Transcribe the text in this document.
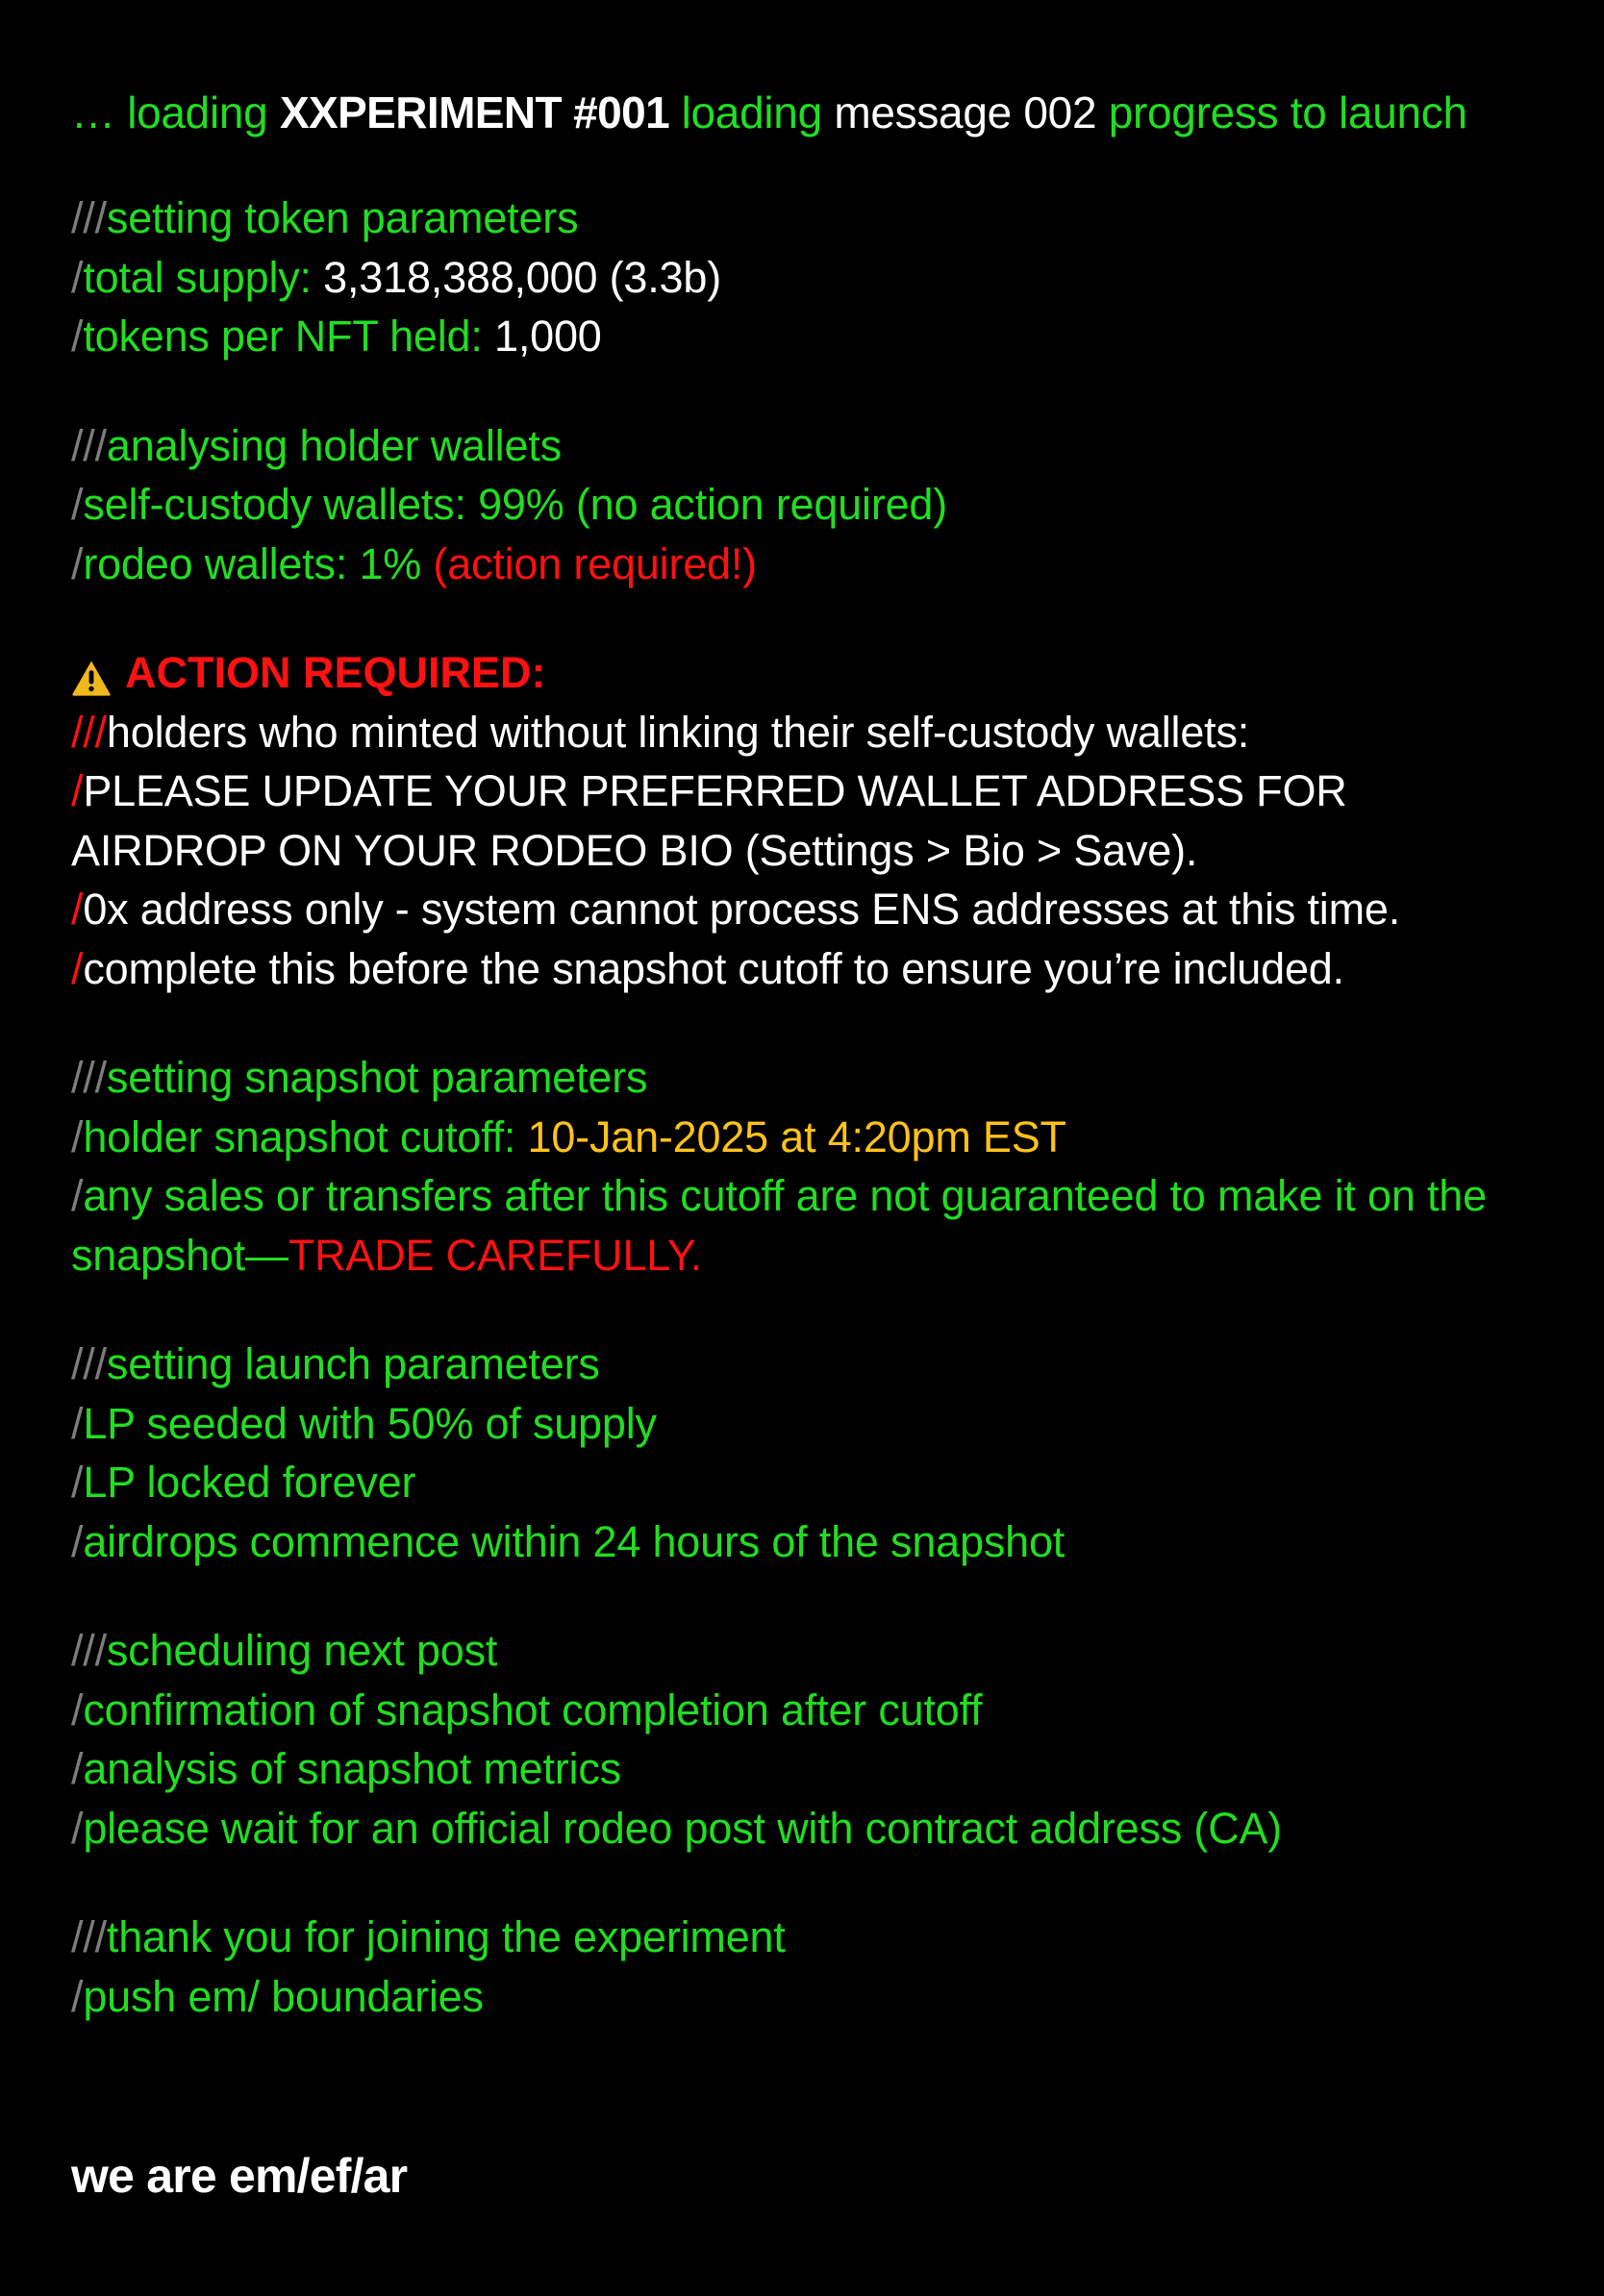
… loading XXPERIMENT #001 loading message 002 progress to launch

///setting token parameters

/total supply: 3,318,388,000 (3.3b)

/tokens per NFT held: 1,000

///analysing holder wallets

/self-custody wallets: 99% (no action required)

/rodeo wallets: 1% (action required!)

ACTION REQUIRED:

///holders who minted without linking their self-custody wallets:

/PLEASE UPDATE YOUR PREFERRED WALLET ADDRESS FOR AIRDROP ON YOUR RODEO BIO (Settings > Bio > Save).

/0x address only - system cannot process ENS addresses at this time.

/complete this before the snapshot cutoff to ensure you’re included.

///setting snapshot parameters

/holder snapshot cutoff: 10-Jan-2025 at 4:20pm EST

/any sales or transfers after this cutoff are not guaranteed to make it on the snapshot—TRADE CAREFULLY.

///setting launch parameters

/LP seeded with 50% of supply

/LP locked forever

/airdrops commence within 24 hours of the snapshot

///scheduling next post

/confirmation of snapshot completion after cutoff

/analysis of snapshot metrics

/please wait for an official rodeo post with contract address (CA)

///thank you for joining the experiment

/push em/ boundaries

we are em/ef/ar
